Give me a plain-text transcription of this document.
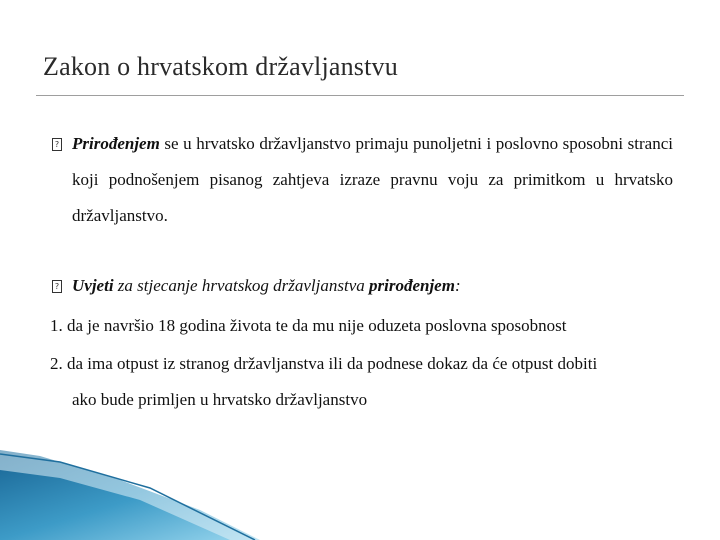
Zakon o hrvatskom državljanstvu
? Prirođenjem se u hrvatsko državljanstvo primaju punoljetni i poslovno sposobni stranci koji podnošenjem pisanog zahtjeva izraze pravnu voju za primitkom u hrvatsko državljanstvo.

? Uvjeti za stjecanje hrvatskog državljanstva prirođenjem:

1. da je navršio 18 godina života te da mu nije oduzeta poslovna sposobnost

2. da ima otpust iz stranog državljanstva ili da podnese dokaz da će otpust dobiti
ako bude primljen u hrvatsko državljanstvo
